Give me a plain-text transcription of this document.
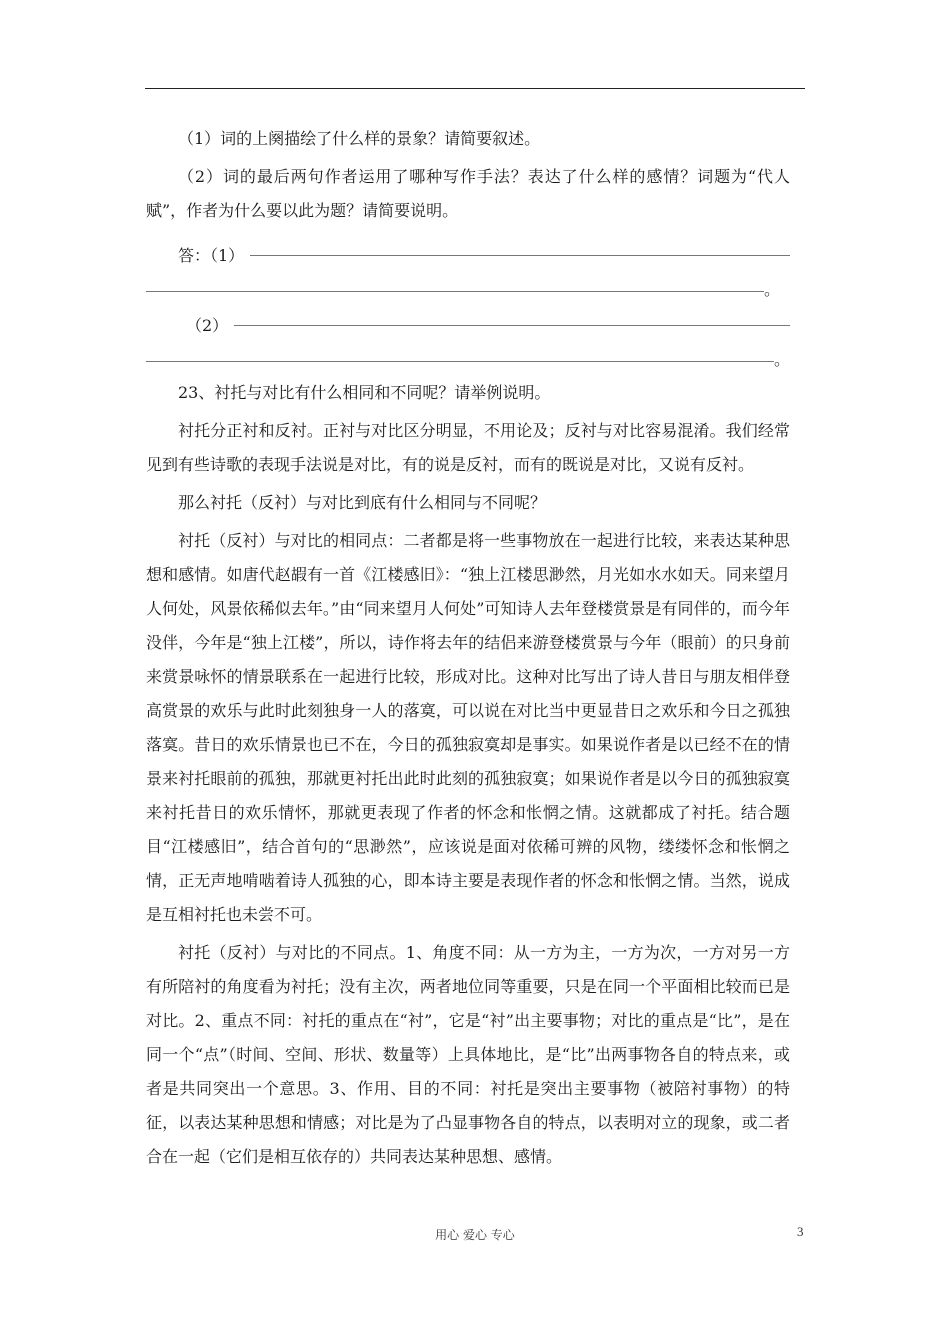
（1）词的上阕描绘了什么样的景象？请简要叙述。

（2）词的最后两句作者运用了哪种写作手法？表达了什么样的感情？词题为“代人赋”，作者为什么要以此为题？请简要说明。

答：（1）
。
（2）
。

23、衬托与对比有什么相同和不同呢？请举例说明。

衬托分正衬和反衬。正衬与对比区分明显，不用论及；反衬与对比容易混淆。我们经常见到有些诗歌的表现手法说是对比，有的说是反衬，而有的既说是对比，又说有反衬。

那么衬托（反衬）与对比到底有什么相同与不同呢？

衬托（反衬）与对比的相同点：二者都是将一些事物放在一起进行比较，来表达某种思想和感情。如唐代赵嘏有一首《江楼感旧》：“独上江楼思渺然，月光如水水如天。同来望月人何处，风景依稀似去年。”由“同来望月人何处”可知诗人去年登楼赏景是有同伴的，而今年没伴，今年是“独上江楼”，所以，诗作将去年的结侣来游登楼赏景与今年（眼前）的只身前来赏景咏怀的情景联系在一起进行比较，形成对比。这种对比写出了诗人昔日与朋友相伴登高赏景的欢乐与此时此刻独身一人的落寞，可以说在对比当中更显昔日之欢乐和今日之孤独落寞。昔日的欢乐情景也已不在，今日的孤独寂寞却是事实。如果说作者是以已经不在的情景来衬托眼前的孤独，那就更衬托出此时此刻的孤独寂寞；如果说作者是以今日的孤独寂寞来衬托昔日的欢乐情怀，那就更表现了作者的怀念和怅惘之情。这就都成了衬托。结合题目“江楼感旧”，结合首句的“思渺然”，应该说是面对依稀可辨的风物，缕缕怀念和怅惘之情，正无声地啃啮着诗人孤独的心，即本诗主要是表现作者的怀念和怅惘之情。当然，说成是互相衬托也未尝不可。

衬托（反衬）与对比的不同点。1、角度不同：从一方为主，一方为次，一方对另一方有所陪衬的角度看为衬托；没有主次，两者地位同等重要，只是在同一个平面相比较而已是对比。2、重点不同：衬托的重点在“衬”，它是“衬”出主要事物；对比的重点是“比”，是在同一个“点”（时间、空间、形状、数量等）上具体地比，是“比”出两事物各自的特点来，或者是共同突出一个意思。3、作用、目的不同：衬托是突出主要事物（被陪衬事物）的特征，以表达某种思想和情感；对比是为了凸显事物各自的特点，以表明对立的现象，或二者合在一起（它们是相互依存的）共同表达某种思想、感情。

用心 爱心 专心	3
